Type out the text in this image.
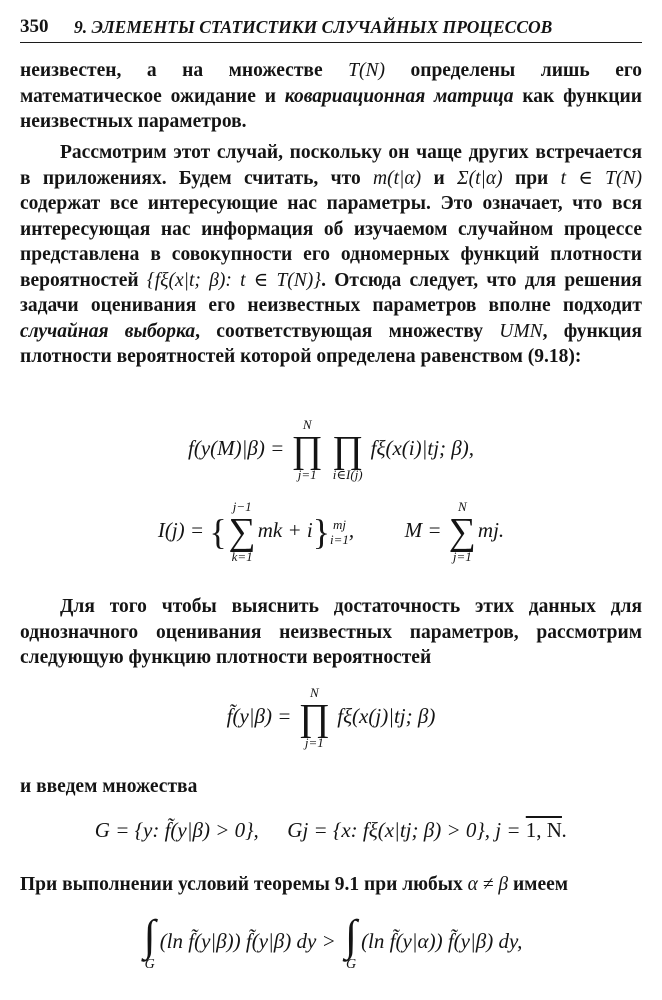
350 9. ЭЛЕМЕНТЫ СТАТИСТИКИ СЛУЧАЙНЫХ ПРОЦЕССОВ
неизвестен, а на множестве T(N) определены лишь его математическое ожидание и ковариационная матрица как функции неизвестных параметров.
Рассмотрим этот случай, поскольку он чаще других встречается в приложениях. Будем считать, что m(t|α) и Σ(t|α) при t ∈ T(N) содержат все интересующие нас параметры. Это означает, что вся интересующая нас информация об изучаемом случайном процессе представлена в совокупности его одномерных функций плотности вероятностей {fξ(x|t; β): t ∈ T(N)}. Отсюда следует, что для решения задачи оценивания его неизвестных параметров вполне подходит случайная выборка, соответствующая множеству UMN, функция плотности вероятностей которой определена равенством (9.18):
f(y(M)|β) =
N
∏
j=1

∏
i∈I(j)
fξ(x(i)|tj; β),
I(j) = {
j−1
∑
k=1
mk + i} mj
i=1 , M =
N
∑
j=1
mj.
Для того чтобы выяснить достаточность этих данных для однозначного оценивания неизвестных параметров, рассмотрим следующую функцию плотности вероятностей
f̃(y|β) =
N
∏
j=1
fξ(x(j)|tj; β)
и введем множества
G = {y: f̃(y|β) > 0}, Gj = {x: fξ(x|tj; β) > 0}, j = 1, N.
При выполнении условий теоремы 9.1 при любых α ≠ β имеем
∫
G
(ln f̃(y|β)) f̃(y|β) dy > ∫
G
(ln f̃(y|α)) f̃(y|β) dy,
